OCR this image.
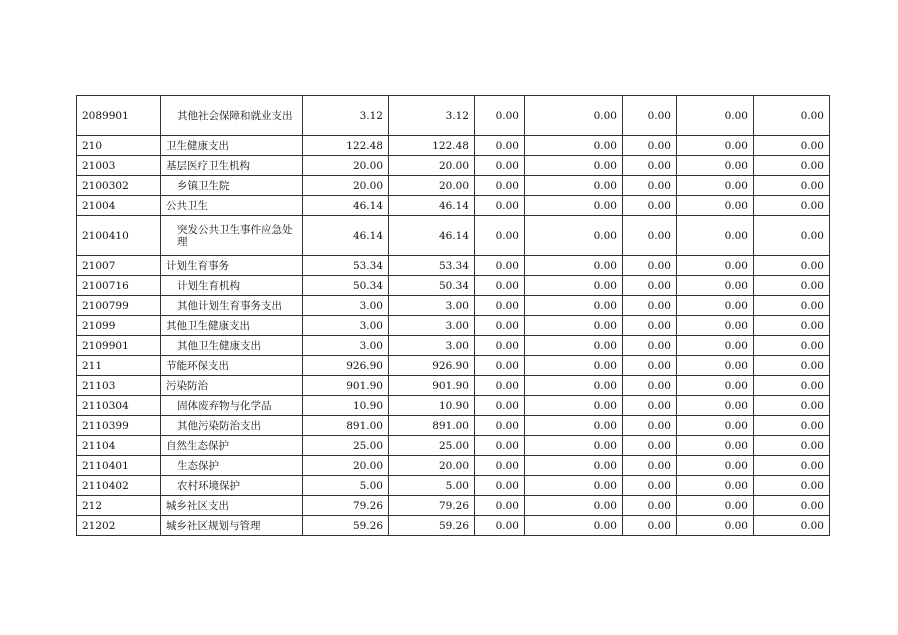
2089901	其他社会保障和就业支出	3.12	3.12	0.00	0.00	0.00	0.00	0.00
210	卫生健康支出	122.48	122.48	0.00	0.00	0.00	0.00	0.00
21003	基层医疗卫生机构	20.00	20.00	0.00	0.00	0.00	0.00	0.00
2100302	乡镇卫生院	20.00	20.00	0.00	0.00	0.00	0.00	0.00
21004	公共卫生	46.14	46.14	0.00	0.00	0.00	0.00	0.00
2100410	突发公共卫生事件应急处理	46.14	46.14	0.00	0.00	0.00	0.00	0.00
21007	计划生育事务	53.34	53.34	0.00	0.00	0.00	0.00	0.00
2100716	计划生育机构	50.34	50.34	0.00	0.00	0.00	0.00	0.00
2100799	其他计划生育事务支出	3.00	3.00	0.00	0.00	0.00	0.00	0.00
21099	其他卫生健康支出	3.00	3.00	0.00	0.00	0.00	0.00	0.00
2109901	其他卫生健康支出	3.00	3.00	0.00	0.00	0.00	0.00	0.00
211	节能环保支出	926.90	926.90	0.00	0.00	0.00	0.00	0.00
21103	污染防治	901.90	901.90	0.00	0.00	0.00	0.00	0.00
2110304	固体废弃物与化学品	10.90	10.90	0.00	0.00	0.00	0.00	0.00
2110399	其他污染防治支出	891.00	891.00	0.00	0.00	0.00	0.00	0.00
21104	自然生态保护	25.00	25.00	0.00	0.00	0.00	0.00	0.00
2110401	生态保护	20.00	20.00	0.00	0.00	0.00	0.00	0.00
2110402	农村环境保护	5.00	5.00	0.00	0.00	0.00	0.00	0.00
212	城乡社区支出	79.26	79.26	0.00	0.00	0.00	0.00	0.00
21202	城乡社区规划与管理	59.26	59.26	0.00	0.00	0.00	0.00	0.00
